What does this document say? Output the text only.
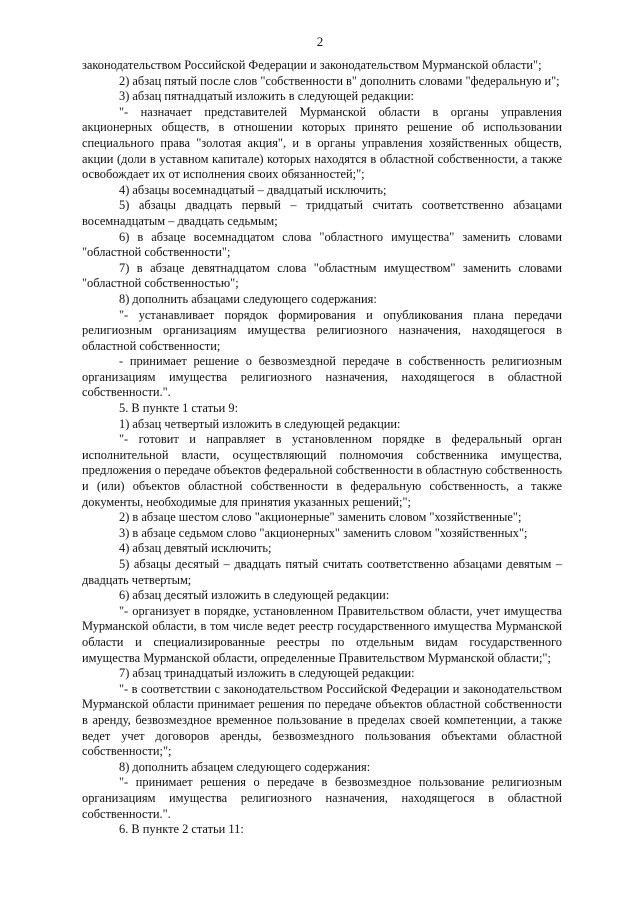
2

законодательством Российской Федерации и законодательством Мурманской области";

2) абзац пятый после слов "собственности в" дополнить словами "федеральную и";

3) абзац пятнадцатый изложить в следующей редакции:

"- назначает представителей Мурманской области в органы управления акционерных обществ, в отношении которых принято решение об использовании специального права "золотая акция", и в органы управления хозяйственных обществ, акции (доли в уставном капитале) которых находятся в областной собственности, а также освобождает их от исполнения своих обязанностей;";

4) абзацы восемнадцатый – двадцатый исключить;

5) абзацы двадцать первый – тридцатый считать соответственно абзацами восемнадцатым – двадцать седьмым;

6) в абзаце восемнадцатом слова "областного имущества" заменить словами "областной собственности";

7) в абзаце девятнадцатом слова "областным имуществом" заменить словами "областной собственностью";

8) дополнить абзацами следующего содержания:

"- устанавливает порядок формирования и опубликования плана передачи религиозным организациям имущества религиозного назначения, находящегося в областной собственности;

- принимает решение о безвозмездной передаче в собственность религиозным организациям имущества религиозного назначения, находящегося в областной собственности.".

5. В пункте 1 статьи 9:

1) абзац четвертый изложить в следующей редакции:

"- готовит и направляет в установленном порядке в федеральный орган исполнительной власти, осуществляющий полномочия собственника имущества, предложения о передаче объектов федеральной собственности в областную собственность и (или) объектов областной собственности в федеральную собственность, а также документы, необходимые для принятия указанных решений;";

2) в абзаце шестом слово "акционерные" заменить словом "хозяйственные";

3) в абзаце седьмом слово "акционерных" заменить словом "хозяйственных";

4) абзац девятый исключить;

5) абзацы десятый – двадцать пятый считать соответственно абзацами девятым – двадцать четвертым;

6) абзац десятый изложить в следующей редакции:

"- организует в порядке, установленном Правительством области, учет имущества Мурманской области, в том числе ведет реестр государственного имущества Мурманской области и специализированные реестры по отдельным видам государственного имущества Мурманской области, определенные Правительством Мурманской области;";

7) абзац тринадцатый изложить в следующей редакции:

"- в соответствии с законодательством Российской Федерации и законодательством Мурманской области принимает решения по передаче объектов областной собственности в аренду, безвозмездное временное пользование в пределах своей компетенции, а также ведет учет договоров аренды, безвозмездного пользования объектами областной собственности;";

8) дополнить абзацем следующего содержания:

"- принимает решения о передаче в безвозмездное пользование религиозным организациям имущества религиозного назначения, находящегося в областной собственности.".

6. В пункте 2 статьи 11:
